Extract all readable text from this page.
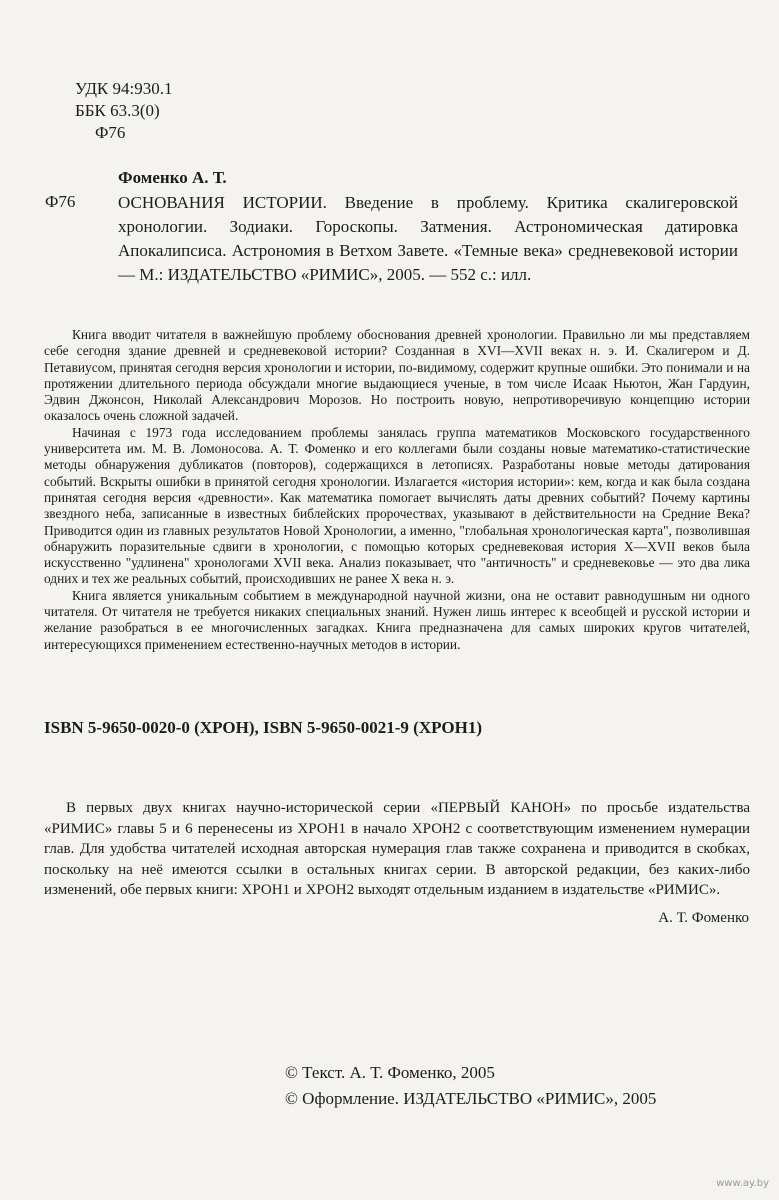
УДК 94:930.1
ББК 63.3(0)
Ф76
Фоменко А. Т.
Ф76	ОСНОВАНИЯ ИСТОРИИ. Введение в проблему. Критика скалигеровской хронологии. Зодиаки. Гороскопы. Затмения. Астрономическая датировка Апокалипсиса. Астрономия в Ветхом Завете. «Темные века» средневековой истории — М.: ИЗДАТЕЛЬСТВО «РИМИС», 2005. — 552 с.: илл.

Книга вводит читателя в важнейшую проблему обоснования древней хронологии. Правильно ли мы представляем себе сегодня здание древней и средневековой истории? Созданная в XVI—XVII веках н. э. И. Скалигером и Д. Петавиусом, принятая сегодня версия хронологии и истории, по-видимому, содержит крупные ошибки. Это понимали и на протяжении длительного периода обсуждали многие выдающиеся ученые, в том числе Исаак Ньютон, Жан Гардуин, Эдвин Джонсон, Николай Александрович Морозов. Но построить новую, непротиворечивую концепцию истории оказалось очень сложной задачей.

Начиная с 1973 года исследованием проблемы занялась группа математиков Московского государственного университета им. М. В. Ломоносова. А. Т. Фоменко и его коллегами были созданы новые математико-статистические методы обнаружения дубликатов (повторов), содержащихся в летописях. Разработаны новые методы датирования событий. Вскрыты ошибки в принятой сегодня хронологии. Излагается «история истории»: кем, когда и как была создана принятая сегодня версия «древности». Как математика помогает вычислять даты древних событий? Почему картины звездного неба, записанные в известных библейских пророчествах, указывают в действительности на Средние Века? Приводится один из главных результатов Новой Хронологии, а именно, "глобальная хронологическая карта", позволившая обнаружить поразительные сдвиги в хронологии, с помощью которых средневековая история X—XVII веков была искусственно "удлинена" хронологами XVII века. Анализ показывает, что "античность" и средневековье — это два лика одних и тех же реальных событий, происходивших не ранее X века н. э.

Книга является уникальным событием в международной научной жизни, она не оставит равнодушным ни одного читателя. От читателя не требуется никаких специальных знаний. Нужен лишь интерес к всеобщей и русской истории и желание разобраться в ее многочисленных загадках. Книга предназначена для самых широких кругов читателей, интересующихся применением естественно-научных методов в истории.

ISBN 5-9650-0020-0 (ХРОН), ISBN 5-9650-0021-9 (ХРОН1)

В первых двух книгах научно-исторической серии «ПЕРВЫЙ КАНОН» по просьбе издательства «РИМИС» главы 5 и 6 перенесены из ХРОН1 в начало ХРОН2 с соответствующим изменением нумерации глав. Для удобства читателей исходная авторская нумерация глав также сохранена и приводится в скобках, поскольку на неё имеются ссылки в остальных книгах серии. В авторской редакции, без каких-либо изменений, обе первых книги: ХРОН1 и ХРОН2 выходят отдельным изданием в издательстве «РИМИС».

А. Т. Фоменко
© Текст. А. Т. Фоменко, 2005
© Оформление. ИЗДАТЕЛЬСТВО «РИМИС», 2005
www.ay.by
